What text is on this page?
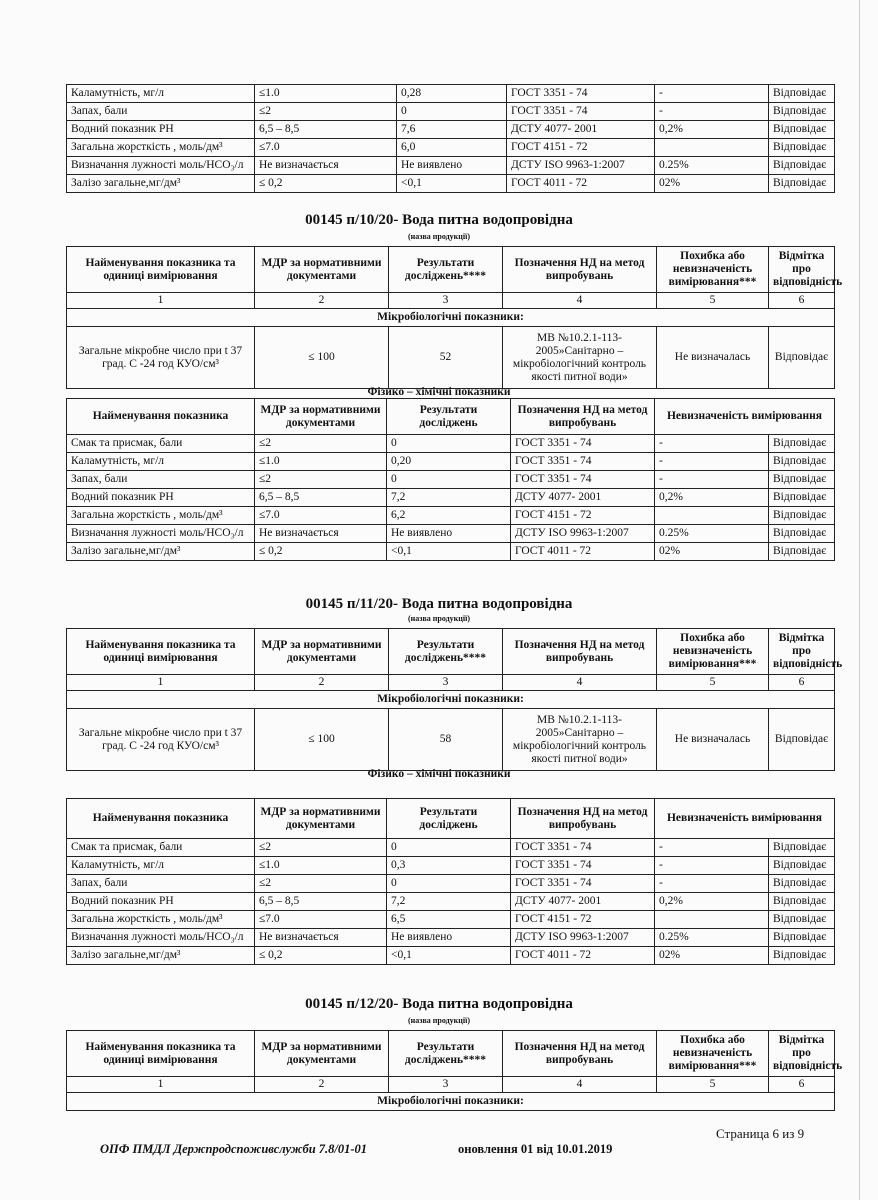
Каламутність, мг/л	≤1.0	0,28	ГОСТ 3351 - 74	-	Відповідає
Запах, бали	≤2	0	ГОСТ 3351 - 74	-	Відповідає
Водний показник РН	6,5 – 8,5	7,6	ДСТУ 4077- 2001	0,2%	Відповідає
Загальна жорсткість , моль/дм³	≤7.0	6,0	ГОСТ 4151 - 72		Відповідає
Визначання лужності моль/НСО₃/л	Не визначається	Не виявлено	ДСТУ ISO 9963-1:2007	0.25%	Відповідає
Залізо загальне,мг/дм³	≤ 0,2	<0,1	ГОСТ 4011 - 72	02%	Відповідає
00145 п/10/20- Вода питна водопровідна
(назва продукції)
Найменування показника та одиниці вимірювання	МДР за нормативними документами	Результати досліджень****	Позначення НД на метод випробувань	Похибка або невизначеність вимірювання***	Відмітка про відповідність
1	2	3	4	5	6
Мікробіологічні показники:					
Загальне мікробне число при t 37 град. С -24 год КУО/см³	≤ 100	52	МВ №10.2.1-113-2005»Санітарно – мікробіологічний контроль якості питної води»	Не визначалась	Відповідає
Фізико – хімічні показники
Найменування показника	МДР за нормативними документами	Результати досліджень	Позначення НД на метод випробувань	Невизначеність вимірювання	
Смак та присмак, бали	≤2	0	ГОСТ 3351 - 74	-	Відповідає
Каламутність, мг/л	≤1.0	0,20	ГОСТ 3351 - 74	-	Відповідає
Запах, бали	≤2	0	ГОСТ 3351 - 74	-	Відповідає
Водний показник РН	6,5 – 8,5	7,2	ДСТУ 4077- 2001	0,2%	Відповідає
Загальна жорсткість , моль/дм³	≤7.0	6,2	ГОСТ 4151 - 72		Відповідає
Визначання лужності моль/НСО₃/л	Не визначається	Не виявлено	ДСТУ ISO 9963-1:2007	0.25%	Відповідає
Залізо загальне,мг/дм³	≤ 0,2	<0,1	ГОСТ 4011 - 72	02%	Відповідає
00145 п/11/20- Вода питна водопровідна
(назва продукції)
Найменування показника та одиниці вимірювання	МДР за нормативними документами	Результати досліджень****	Позначення НД на метод випробувань	Похибка або невизначеність вимірювання***	Відмітка про відповідність
1	2	3	4	5	6
Мікробіологічні показники:					
Загальне мікробне число при t 37 град. С -24 год КУО/см³	≤ 100	58	МВ №10.2.1-113-2005»Санітарно – мікробіологічний контроль якості питної води»	Не визначалась	Відповідає
Фізико – хімічні показники
Найменування показника	МДР за нормативними документами	Результати досліджень	Позначення НД на метод випробувань	Невизначеність вимірювання	
Смак та присмак, бали	≤2	0	ГОСТ 3351 - 74	-	Відповідає
Каламутність, мг/л	≤1.0	0,3	ГОСТ 3351 - 74	-	Відповідає
Запах, бали	≤2	0	ГОСТ 3351 - 74	-	Відповідає
Водний показник РН	6,5 – 8,5	7,2	ДСТУ 4077- 2001	0,2%	Відповідає
Загальна жорсткість , моль/дм³	≤7.0	6,5	ГОСТ 4151 - 72		Відповідає
Визначання лужності моль/НСО₃/л	Не визначається	Не виявлено	ДСТУ ISO 9963-1:2007	0.25%	Відповідає
Залізо загальне,мг/дм³	≤ 0,2	<0,1	ГОСТ 4011 - 72	02%	Відповідає
00145 п/12/20- Вода питна водопровідна
(назва продукції)
Найменування показника та одиниці вимірювання	МДР за нормативними документами	Результати досліджень****	Позначення НД на метод випробувань	Похибка або невизначеність вимірювання***	Відмітка про відповідність
1	2	3	4	5	6
Мікробіологічні показники:					
Страница 6 из 9
ОПФ ПМДЛ Держпродспоживслужби 7.8/01-01	оновлення 01 від 10.01.2019
